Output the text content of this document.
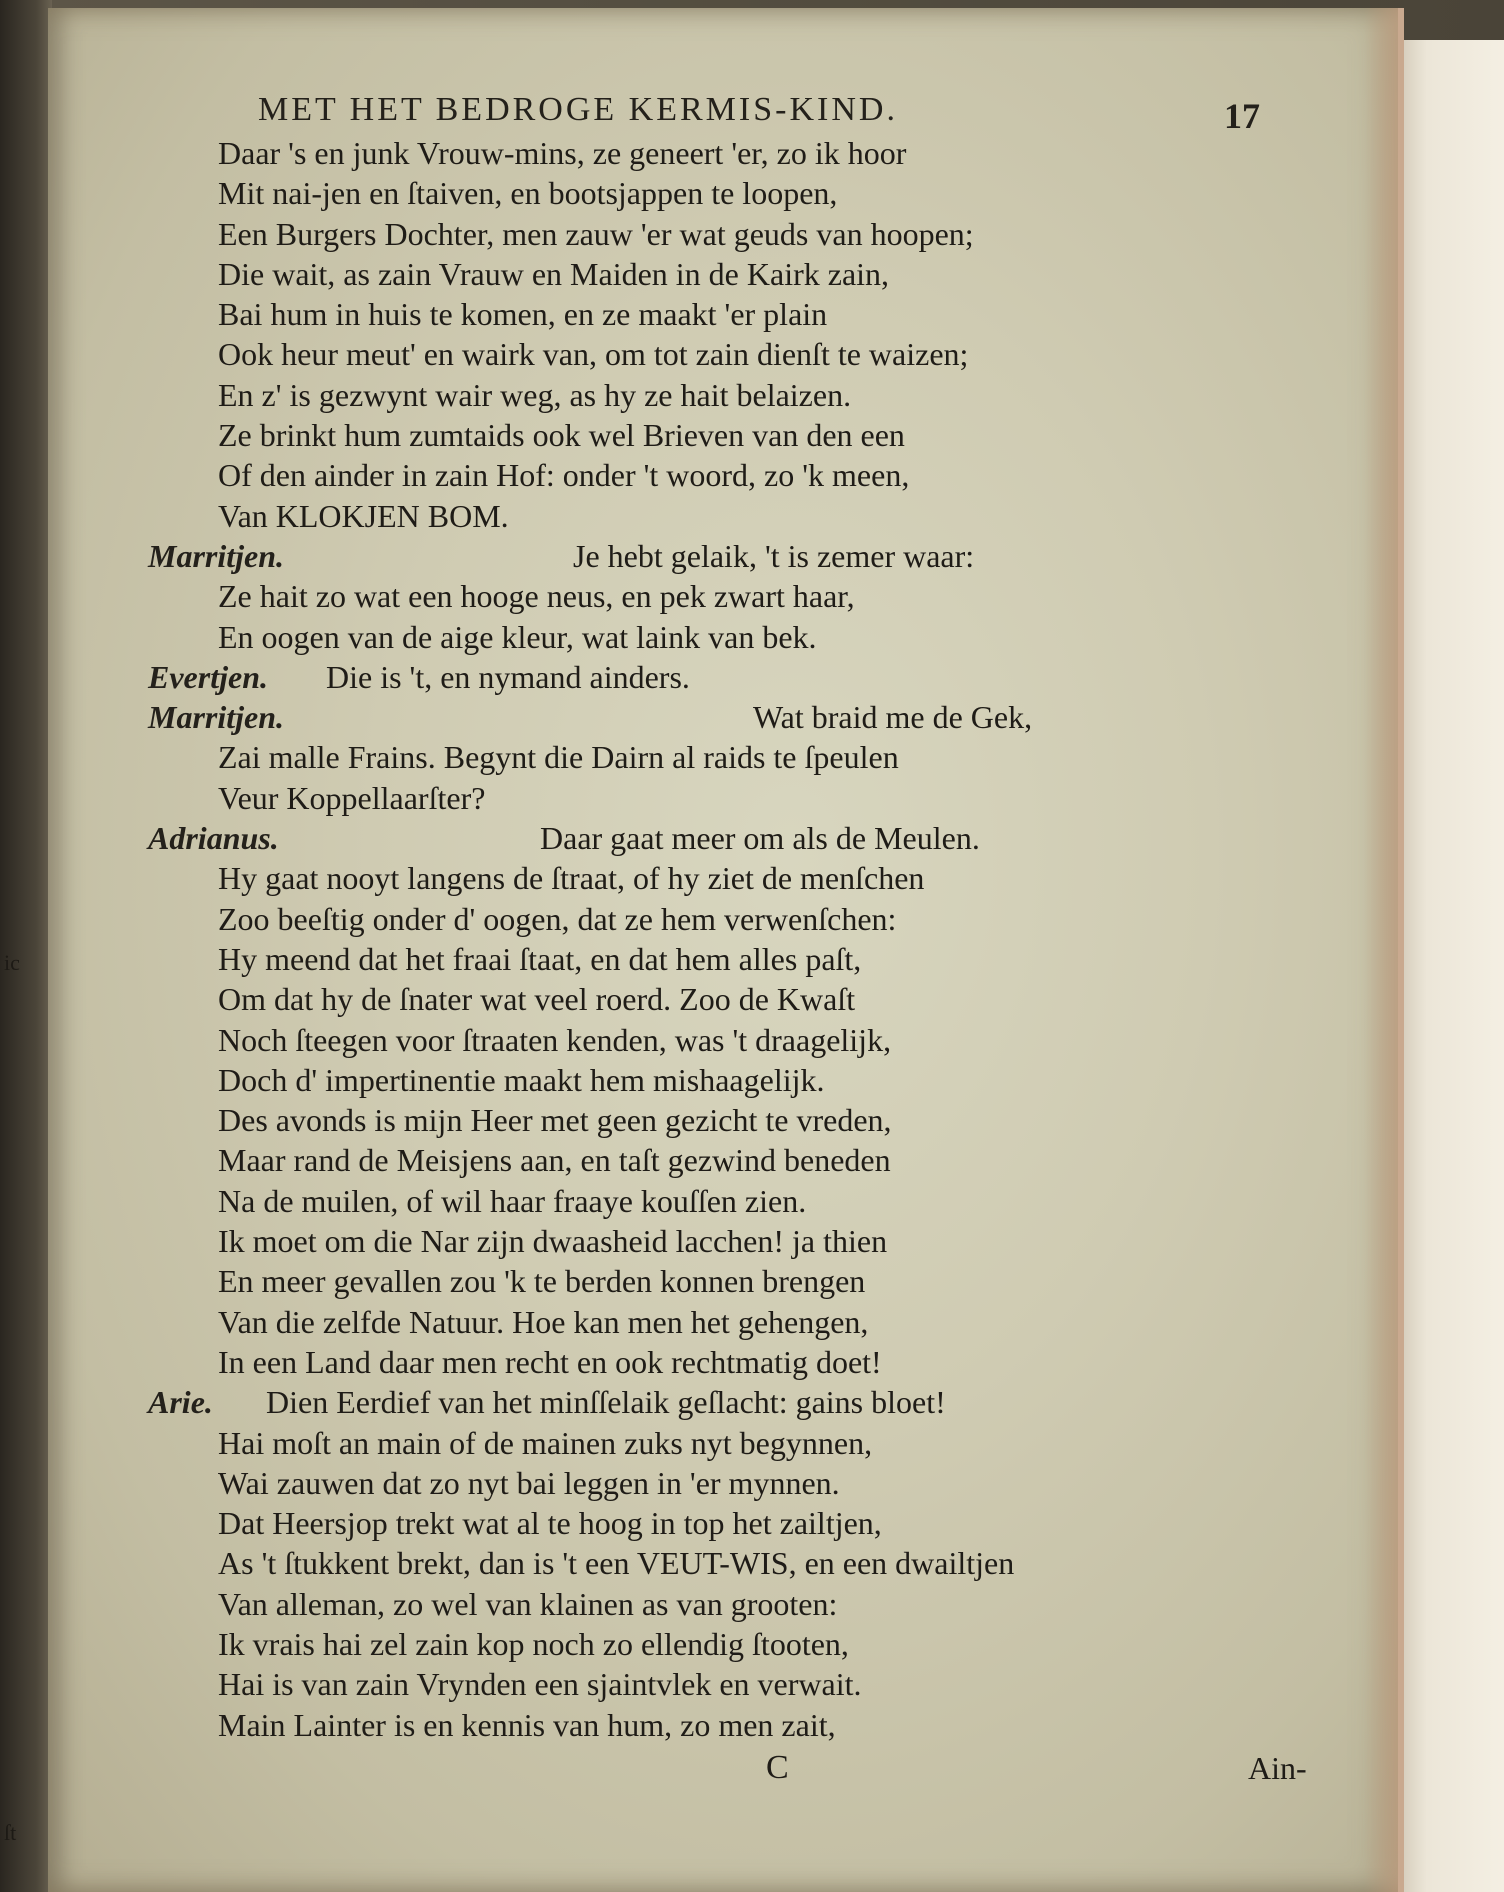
ic
ſt
MET HET BEDROGE KERMIS-KIND.	17
Daar 's en junk Vrouw-mins, ze geneert 'er, zo ik hoor
Mit nai-jen en ſtaiven, en bootsjappen te loopen,
Een Burgers Dochter, men zauw 'er wat geuds van hoopen;
Die wait, as zain Vrauw en Maiden in de Kairk zain,
Bai hum in huis te komen, en ze maakt 'er plain
Ook heur meut' en wairk van, om tot zain dienſt te waizen;
En z' is gezwynt wair weg, as hy ze hait belaizen.
Ze brinkt hum zumtaids ook wel Brieven van den een
Of den ainder in zain Hof: onder 't woord, zo 'k meen,
Van KLOKJEN BOM.
Marritjen.	Je hebt gelaik, 't is zemer waar:
Ze hait zo wat een hooge neus, en pek zwart haar,
En oogen van de aige kleur, wat laink van bek.
Evertjen. Die is 't, en nymand ainders.
Marritjen.	Wat braid me de Gek,
Zai malle Frains. Begynt die Dairn al raids te ſpeulen
Veur Koppellaarſter?
Adrianus.	Daar gaat meer om als de Meulen.
Hy gaat nooyt langens de ſtraat, of hy ziet de menſchen
Zoo beeſtig onder d' oogen, dat ze hem verwenſchen:
Hy meend dat het fraai ſtaat, en dat hem alles paſt,
Om dat hy de ſnater wat veel roerd. Zoo de Kwaſt
Noch ſteegen voor ſtraaten kenden, was 't draagelijk,
Doch d' impertinentie maakt hem mishaagelijk.
Des avonds is mijn Heer met geen gezicht te vreden,
Maar rand de Meisjens aan, en taſt gezwind beneden
Na de muilen, of wil haar fraaye kouſſen zien.
Ik moet om die Nar zijn dwaasheid lacchen! ja thien
En meer gevallen zou 'k te berden konnen brengen
Van die zelfde Natuur. Hoe kan men het gehengen,
In een Land daar men recht en ook rechtmatig doet!
Arie. Dien Eerdief van het minſſelaik geſlacht: gains bloet!
Hai moſt an main of de mainen zuks nyt begynnen,
Wai zauwen dat zo nyt bai leggen in 'er mynnen.
Dat Heersjop trekt wat al te hoog in top het zailtjen,
As 't ſtukkent brekt, dan is 't een VEUT-WIS, en een dwailtjen
Van alleman, zo wel van klainen as van grooten:
Ik vrais hai zel zain kop noch zo ellendig ſtooten,
Hai is van zain Vrynden een sjaintvlek en verwait.
Main Lainter is en kennis van hum, zo men zait,
C	Ain-
